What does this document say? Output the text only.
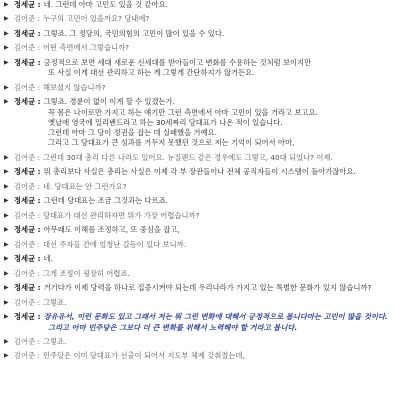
▶ 정세균 : 네. 그런데 아마 고민도 있을 것 같아요.
▶ 김어준 : 누구의 고민이 있을까요? 당내에?
▶ 정세균 : 그렇죠. 그 정당의, 국민의힘의 고민이 많이 있을 수 있다.
▶ 김어준 : 어떤 측면에서 그렇습니까?
▶ 정세균 : 긍정적으로 보면 세대 새로운 신세대를 받아들이고 변화를 수용하는 것처럼 보이지만
또 사실 이게 대선 관리하고 하는 게 그렇게 간단하지가 않거든요.
▶ 김어준 : 해보셨지 않습니까?
▶ 정세균 : 그렇죠. 경륜이 없이 이게 할 수 있겠는가.
꼭 몸은 나이로만 가지고 하는 얘기만 그런 측면에서 아마 고민이 있을 거라고 보고요.
옛날에 영국에 밀리밴드라고 하는 30세짜리 당대표가 나온 적이 있습니다.
그런데 아마 그 당이 정권을 잡는 데 실패했을 거예요.
그리고 그 당대표가 큰 성과를 거두지 못했던 것으로 저는 기억이 되어서 아마,
▶ 김어준 : 그런데 30대 총리 다른 나라도 있어요. 뉴질랜드 같은 경우에도 그렇고, 40대 되었나? 이제.
▶ 정세균 : 뭐 총리보다 사실은 총리는 사실은 이제 각 부 장관들이나 전체 공직자들이 시스템이 돌아가잖아요.
▶ 김어준 : 네. 당대표는 안 그런가요?
▶ 정세균 : 그런데 당대표는 조금 그것과는 다르죠.
▶ 김어준 : 당대표가 대선 관리하자면 뭐가 가장 어렵습니까?
▶ 정세균 : 아무래도 이해를 조정하고, 또 중심을 잡고,
▶ 김어준 : 대선 주자들 간에 엄청난 갈등이 있다 보니까.
▶ 정세균 : 네.
▶ 김어준 : 그게 조정이 굉장히 어렵죠.
▶ 정세균 : 거기다가 이제 당력을 하나로 집중시켜야 되는데 우리나라가 가지고 있는 특별한 문화가 있지 않습니까?
▶ 김어준 : 그렇죠.
▶ 정세균 : 장유유서, 이런 문화도 있고 그래서 저는 뭐 그런 변화에 대해서 긍정적으로 봅니다마는 고민이 많을 것이다.
그리고 아마 민주당은 그보다 더 큰 변화를 위해서 노력해야 할 거라고 봅니다.
▶ 김어준 : 그렇죠.
▶ 김어준 : 민주당은 이미 당대표가 선출이 되어서 지도부 체제 갖춰졌는데,
